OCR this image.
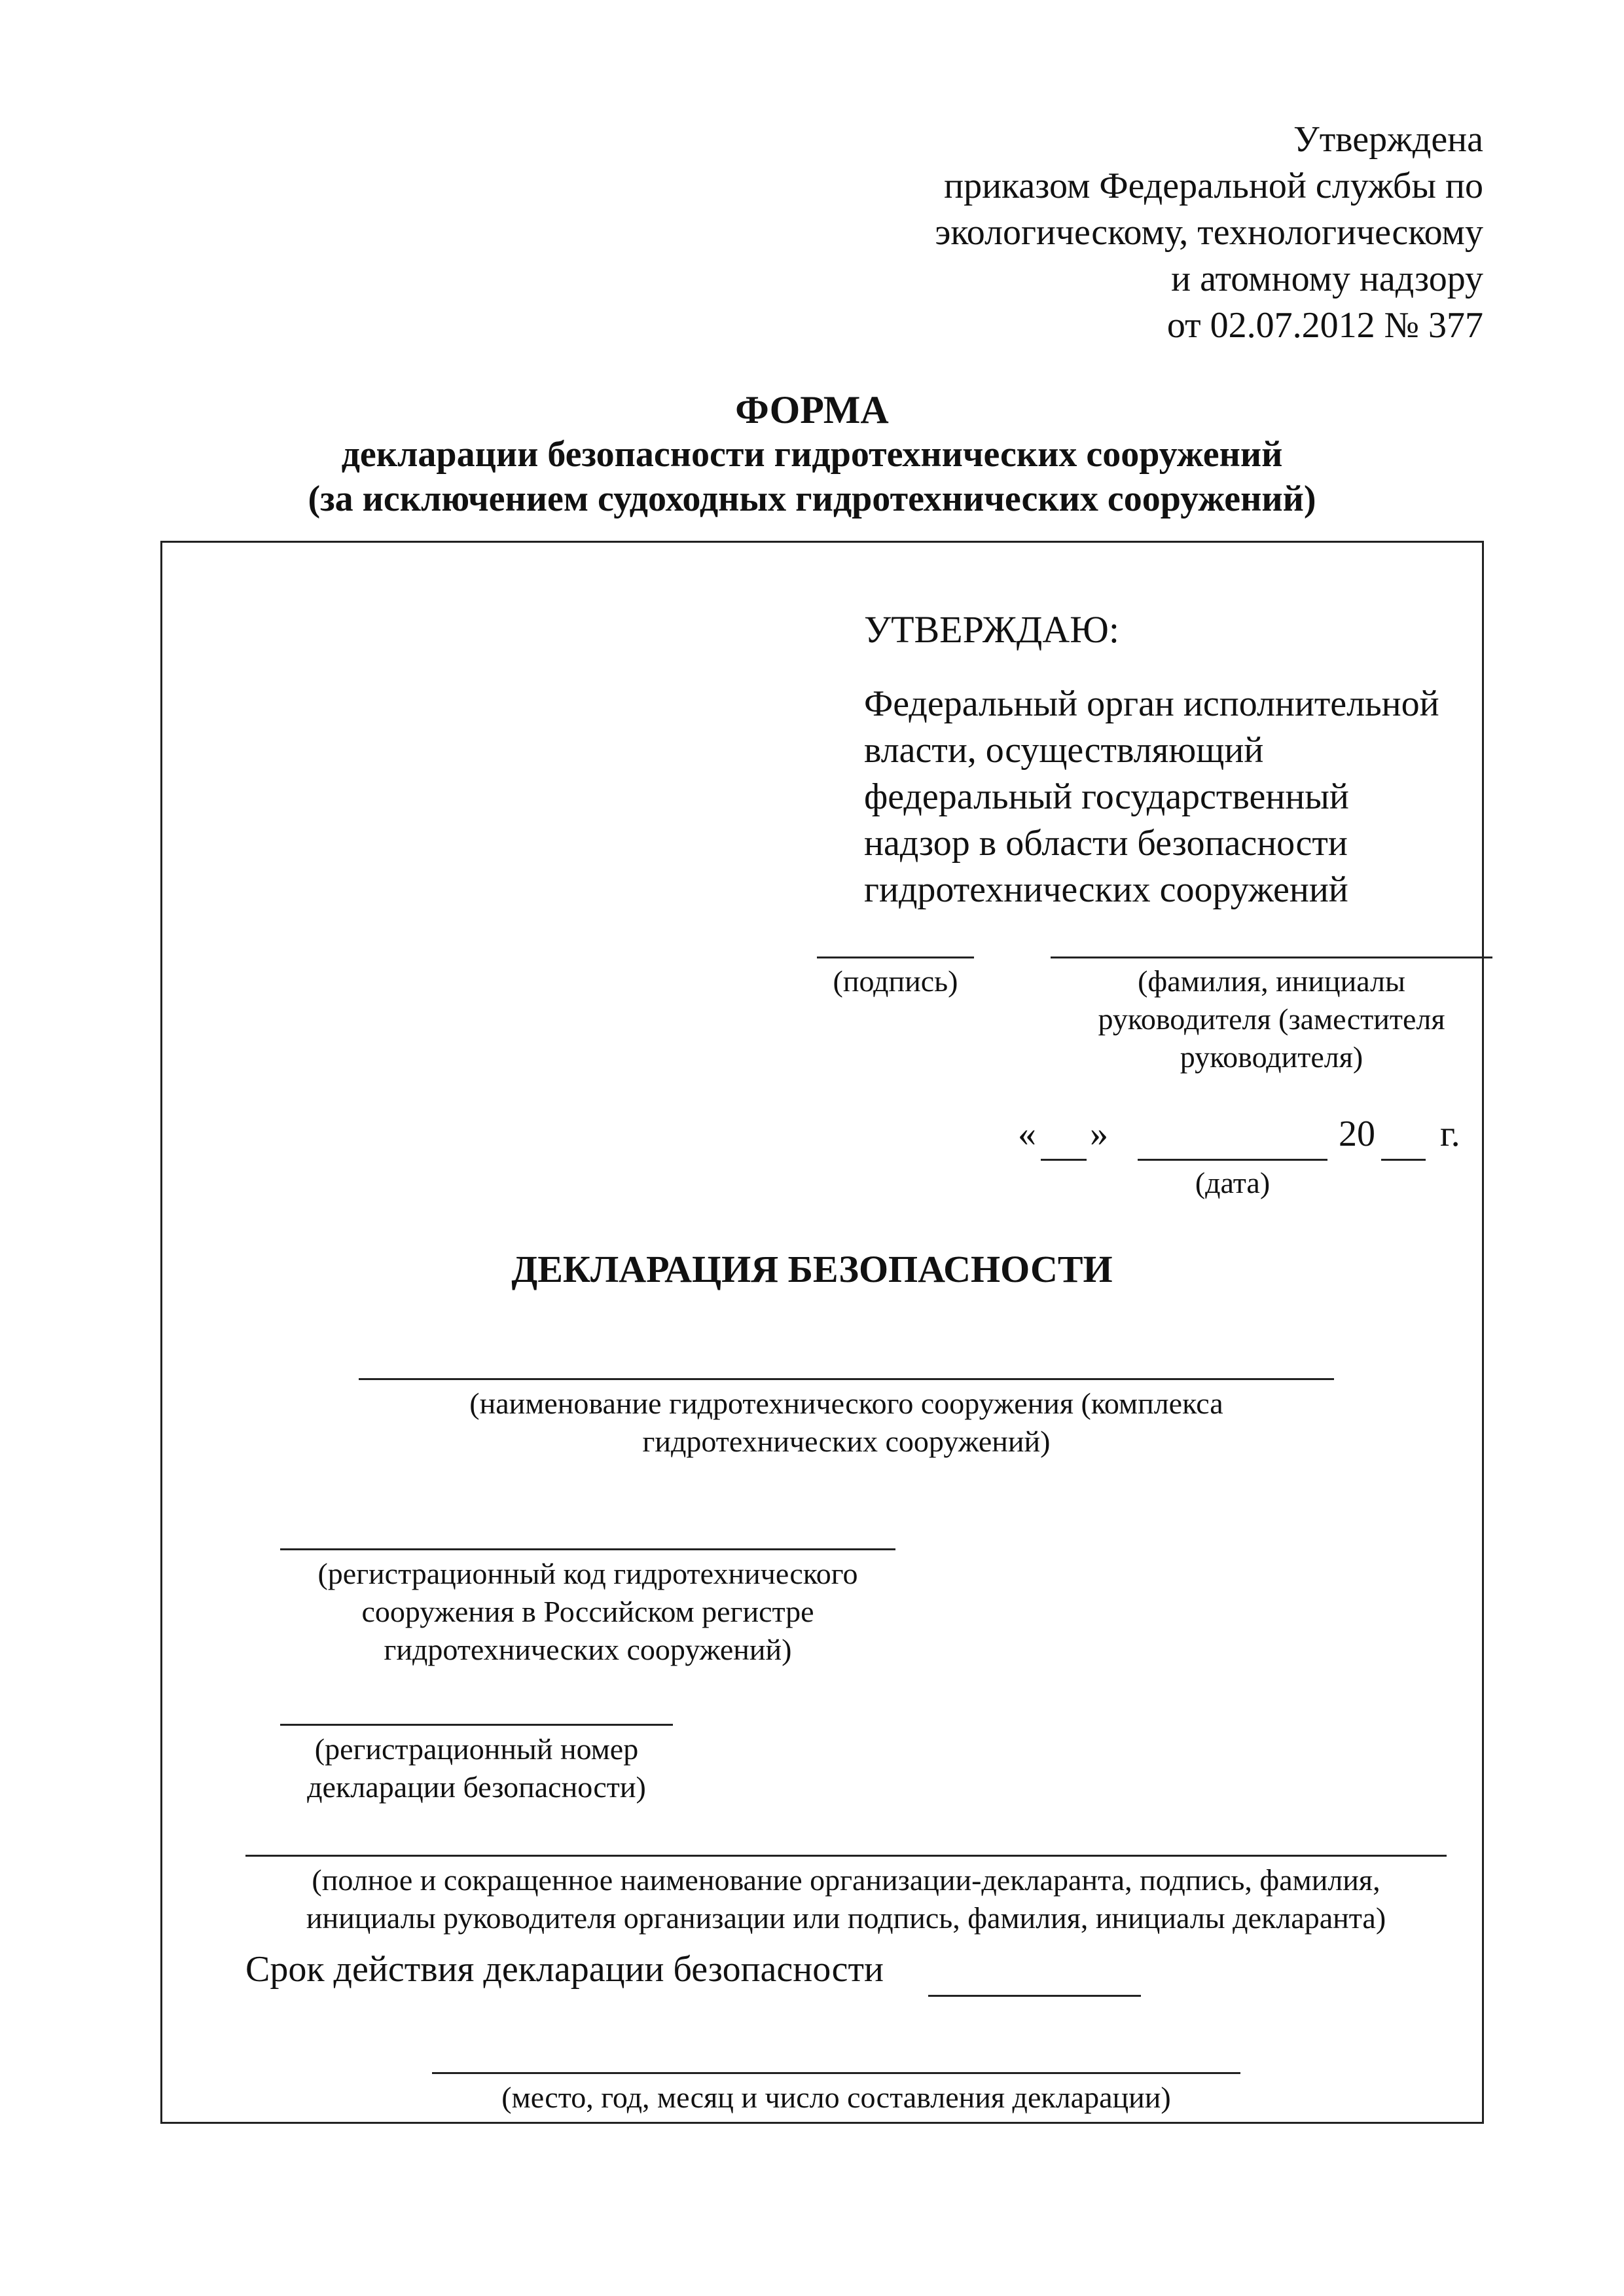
Утверждена
приказом Федеральной службы по
экологическому, технологическому
и атомному надзору
от 02.07.2012 № 377
ФОРМА
декларации безопасности гидротехнических сооружений
(за исключением судоходных гидротехнических сооружений)
УТВЕРЖДАЮ:
Федеральный орган исполнительной
власти, осуществляющий
федеральный государственный
надзор в области безопасности
гидротехнических сооружений
(подпись)	(фамилия, инициалы
руководителя (заместителя
руководителя)
« »	20 г.
(дата)
ДЕКЛАРАЦИЯ БЕЗОПАСНОСТИ
(наименование гидротехнического сооружения (комплекса
гидротехнических сооружений)
(регистрационный код гидротехнического
сооружения в Российском регистре
гидротехнических сооружений)
(регистрационный номер
декларации безопасности)
(полное и сокращенное наименование организации-декларанта, подпись, фамилия,
инициалы руководителя организации или подпись, фамилия, инициалы декларанта)
Срок действия декларации безопасности
(место, год, месяц и число составления декларации)
